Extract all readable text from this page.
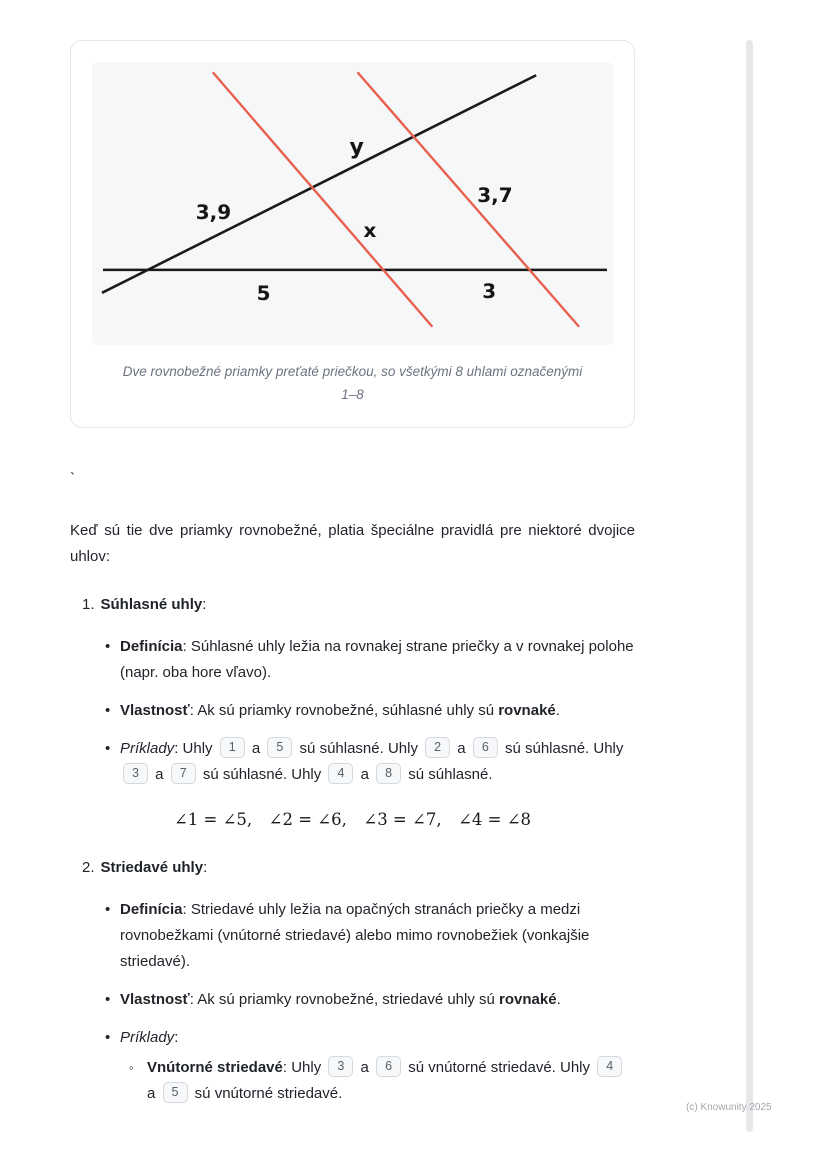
y
3,9
x
3,7
5	3
Dve rovnobežné priamky preťaté priečkou, so všetkými 8 uhlami označenými
1–8
`

Keď sú tie dve priamky rovnobežné, platia špeciálne pravidlá pre niektoré dvojice uhlov:

1. Súhlasné uhly:
•
Definícia: Súhlasné uhly ležia na rovnakej strane priečky a v rovnakej polohe (napr. oba hore vľavo).
•
Vlastnosť: Ak sú priamky rovnobežné, súhlasné uhly sú rovnaké.
•
Príklady: Uhly 1 a 5 sú súhlasné. Uhly 2 a 6 sú súhlasné. Uhly 3 a 7 sú súhlasné. Uhly 4 a 8 sú súhlasné.
∠1 = ∠5, ∠2 = ∠6, ∠3 = ∠7, ∠4 = ∠8
2. Striedavé uhly:
•
Definícia: Striedavé uhly ležia na opačných stranách priečky a medzi rovnobežkami (vnútorné striedavé) alebo mimo rovnobežiek (vonkajšie striedavé).
•
Vlastnosť: Ak sú priamky rovnobežné, striedavé uhly sú rovnaké.
•
Príklady:
◦
Vnútorné striedavé: Uhly 3 a 6 sú vnútorné striedavé. Uhly 4 a 5 sú vnútorné striedavé.
(c) Knowunity 2025
